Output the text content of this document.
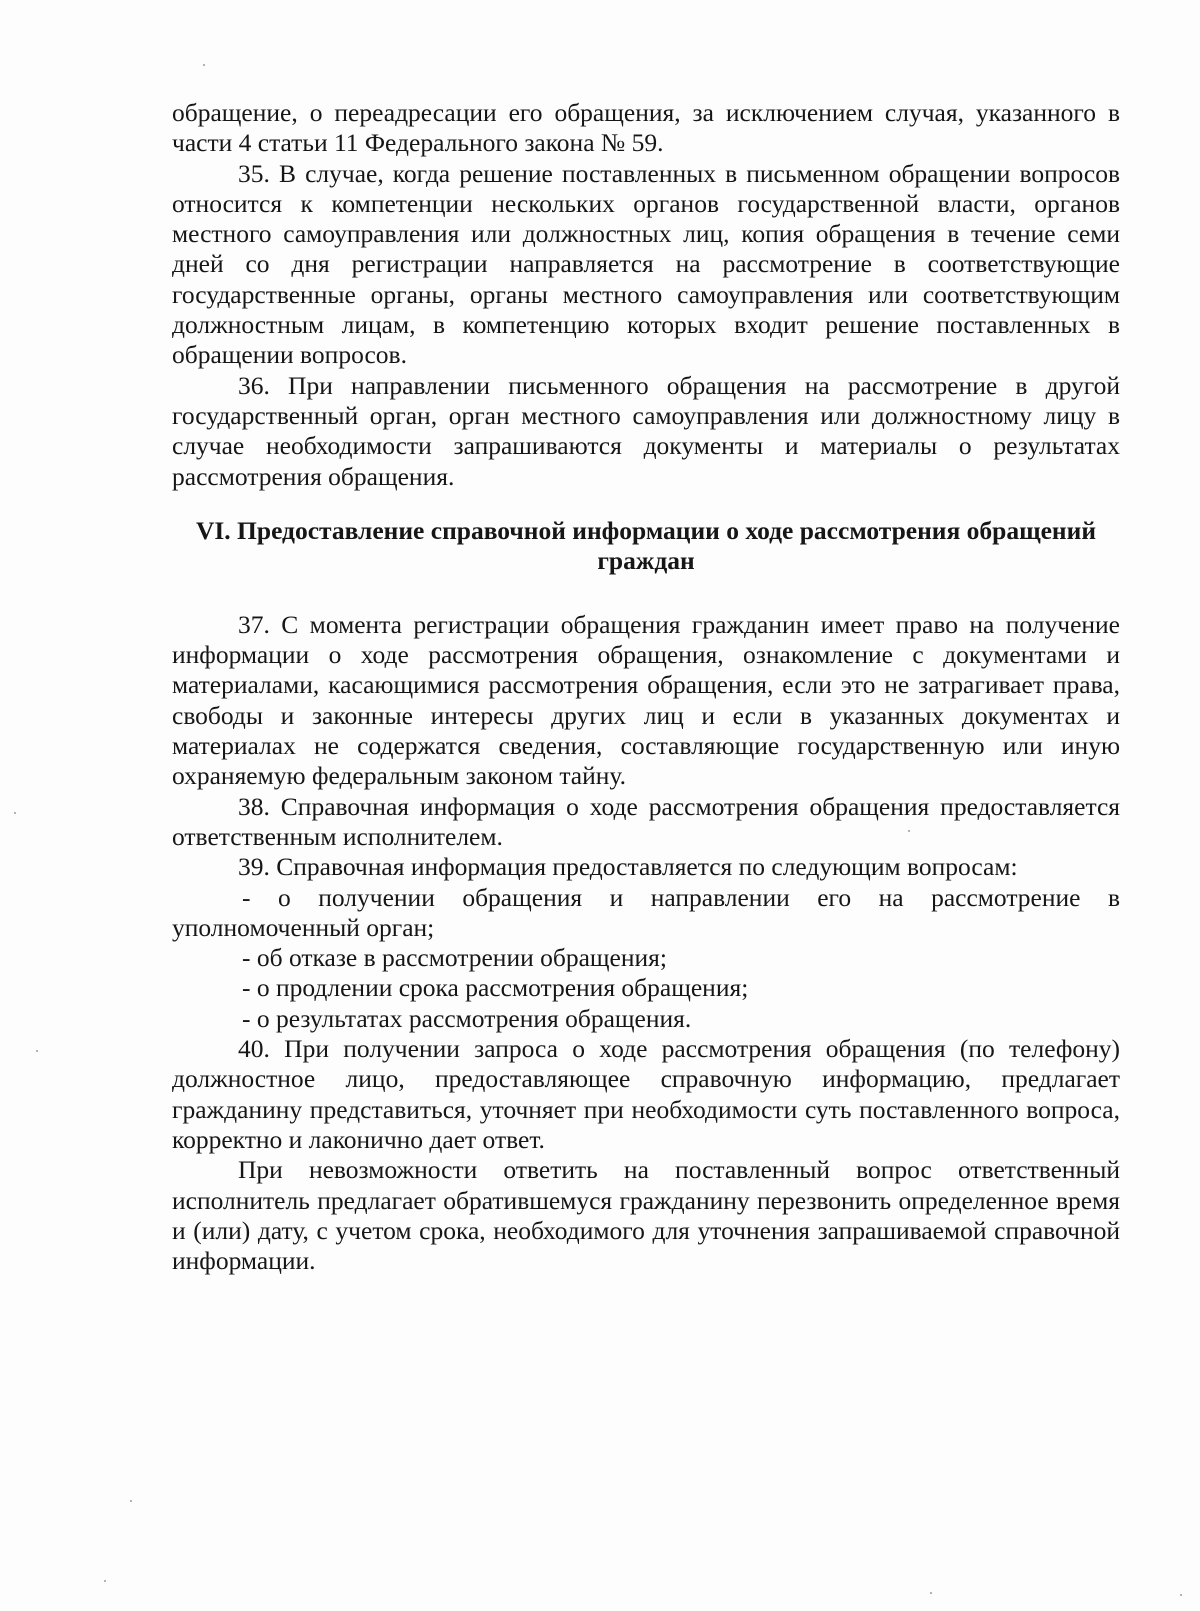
обращение, о переадресации его обращения, за исключением случая, указанного в части 4 статьи 11 Федерального закона № 59.

35. В случае, когда решение поставленных в письменном обращении вопросов относится к компетенции нескольких органов государственной власти, органов местного самоуправления или должностных лиц, копия обращения в течение семи дней со дня регистрации направляется на рассмотрение в соответствующие государственные органы, органы местного самоуправления или соответствующим должностным лицам, в компетенцию которых входит решение поставленных в обращении вопросов.

36. При направлении письменного обращения на рассмотрение в другой государственный орган, орган местного самоуправления или должностному лицу в случае необходимости запрашиваются документы и материалы о результатах рассмотрения обращения.

VI. Предоставление справочной информации о ходе рассмотрения обращений граждан

37. С момента регистрации обращения гражданин имеет право на получение информации о ходе рассмотрения обращения, ознакомление с документами и материалами, касающимися рассмотрения обращения, если это не затрагивает права, свободы и законные интересы других лиц и если в указанных документах и материалах не содержатся сведения, составляющие государственную или иную охраняемую федеральным законом тайну.

38. Справочная информация о ходе рассмотрения обращения предоставляется ответственным исполнителем.

39. Справочная информация предоставляется по следующим вопросам:

- о получении обращения и направлении его на рассмотрение в уполномоченный орган;

- об отказе в рассмотрении обращения;

- о продлении срока рассмотрения обращения;

- о результатах рассмотрения обращения.

40. При получении запроса о ходе рассмотрения обращения (по телефону) должностное лицо, предоставляющее справочную информацию, предлагает гражданину представиться, уточняет при необходимости суть поставленного вопроса, корректно и лаконично дает ответ.

При невозможности ответить на поставленный вопрос ответственный исполнитель предлагает обратившемуся гражданину перезвонить определенное время и (или) дату, с учетом срока, необходимого для уточнения запрашиваемой справочной информации.
